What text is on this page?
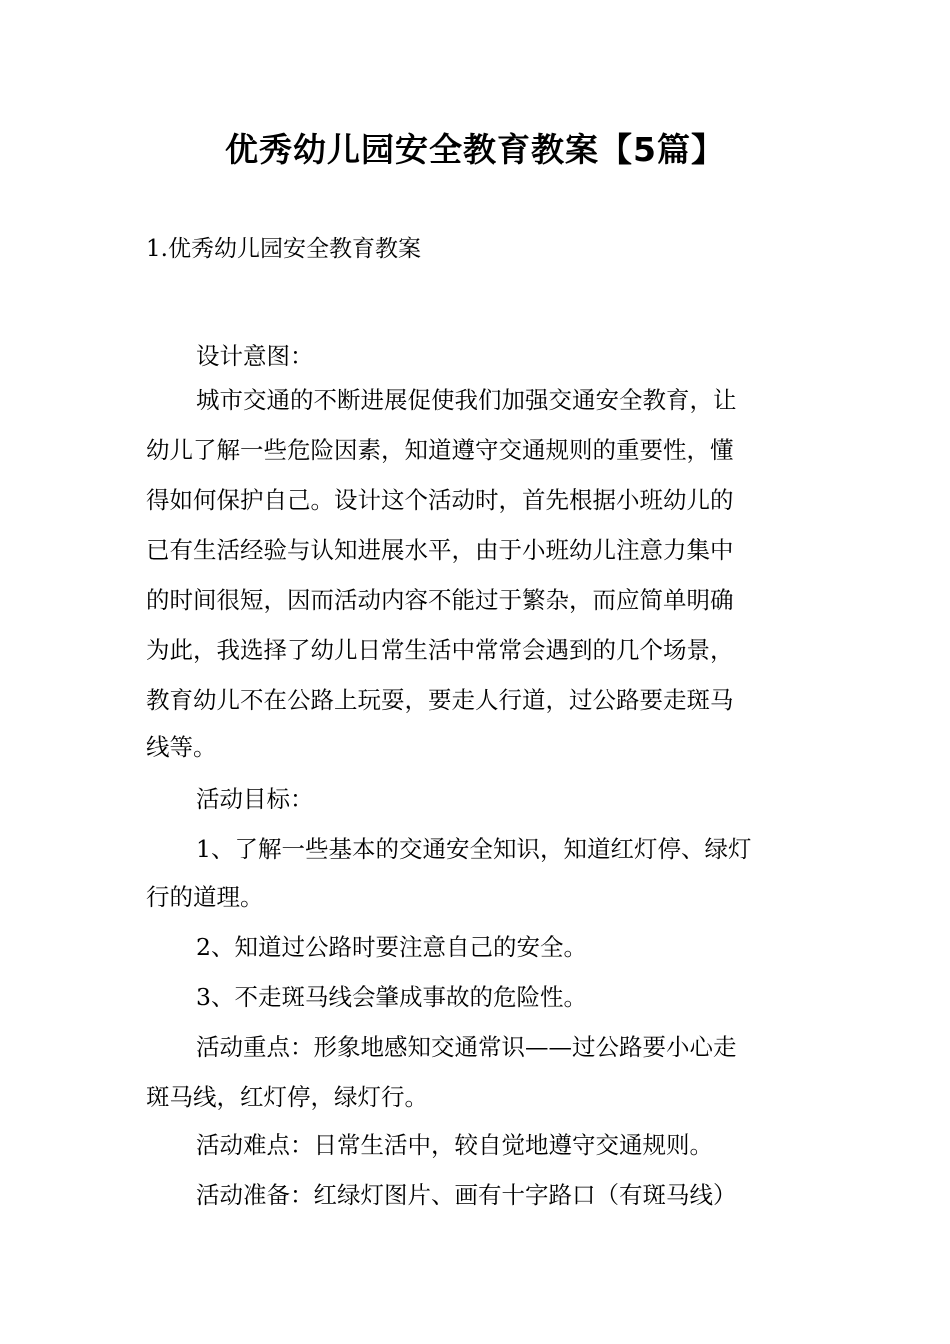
优秀幼儿园安全教育教案【5篇】
1.优秀幼儿园安全教育教案
设计意图：
城市交通的不断进展促使我们加强交通安全教育，让
幼儿了解一些危险因素，知道遵守交通规则的重要性，懂
得如何保护自己。设计这个活动时，首先根据小班幼儿的
已有生活经验与认知进展水平，由于小班幼儿注意力集中
的时间很短，因而活动内容不能过于繁杂，而应简单明确
为此，我选择了幼儿日常生活中常常会遇到的几个场景，
教育幼儿不在公路上玩耍，要走人行道，过公路要走斑马
线等。
活动目标：
1、了解一些基本的交通安全知识，知道红灯停、绿灯
行的道理。
2、知道过公路时要注意自己的安全。
3、不走斑马线会肇成事故的危险性。
活动重点：形象地感知交通常识——过公路要小心走
斑马线，红灯停，绿灯行。
活动难点：日常生活中，较自觉地遵守交通规则。
活动准备：红绿灯图片、画有十字路口（有斑马线）
